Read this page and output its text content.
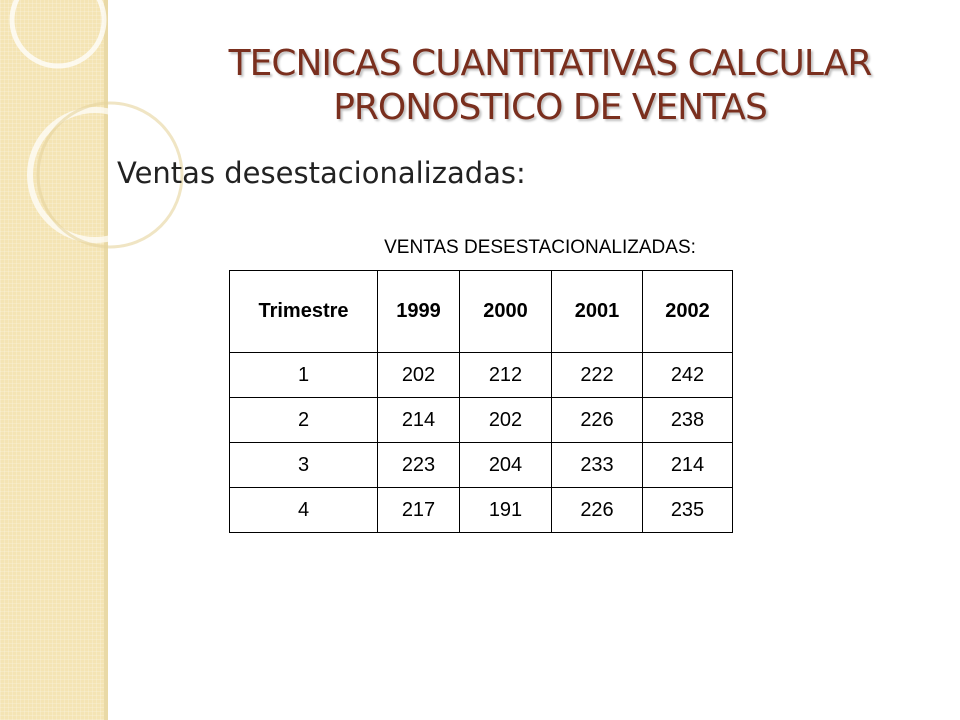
TECNICAS CUANTITATIVAS CALCULAR
PRONOSTICO DE VENTAS
Ventas desestacionalizadas:
VENTAS DESESTACIONALIZADAS:
Trimestre	1999	2000	2001	2002
1	202	212	222	242
2	214	202	226	238
3	223	204	233	214
4	217	191	226	235
